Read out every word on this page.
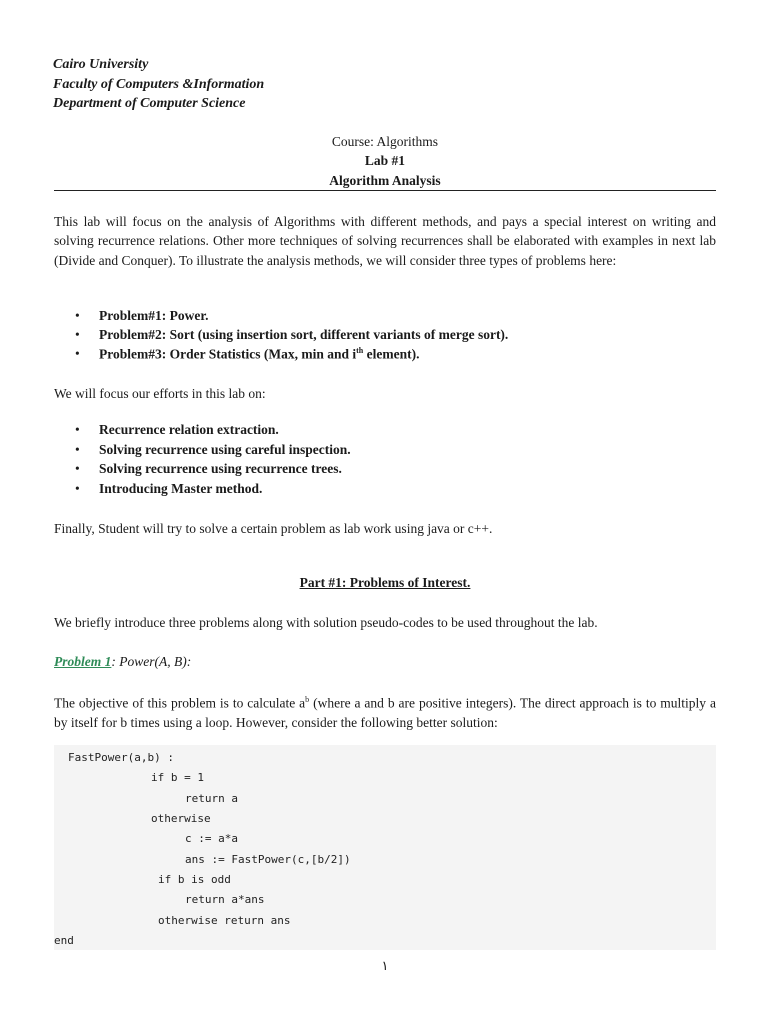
Cairo University
Faculty of Computers &Information
Department of Computer Science
Course: Algorithms
Lab #1
Algorithm Analysis
This lab will focus on the analysis of Algorithms with different methods, and pays a special interest on writing and solving recurrence relations. Other more techniques of solving recurrences shall be elaborated with examples in next lab (Divide and Conquer). To illustrate the analysis methods, we will consider three types of problems here:
• Problem#1: Power.
• Problem#2: Sort (using insertion sort, different variants of merge sort).
• Problem#3: Order Statistics (Max, min and $i^{th}$ element).
We will focus our efforts in this lab on:
• Recurrence relation extraction.
• Solving recurrence using careful inspection.
• Solving recurrence using recurrence trees.
• Introducing Master method.
Finally, Student will try to solve a certain problem as lab work using java or c++.
Part #1: Problems of Interest.
We briefly introduce three problems along with solution pseudo-codes to be used throughout the lab.
Problem 1: Power(A, B):
The objective of this problem is to calculate $a^b$ (where a and b are positive integers). The direct approach is to multiply a by itself for b times using a loop. However, consider the following better solution:
FastPower(a,b) :
if b = 1
return a
otherwise
c := a*a
ans := FastPower(c,[b/2])
if b is odd
return a*ans
otherwise return ans
end
١
